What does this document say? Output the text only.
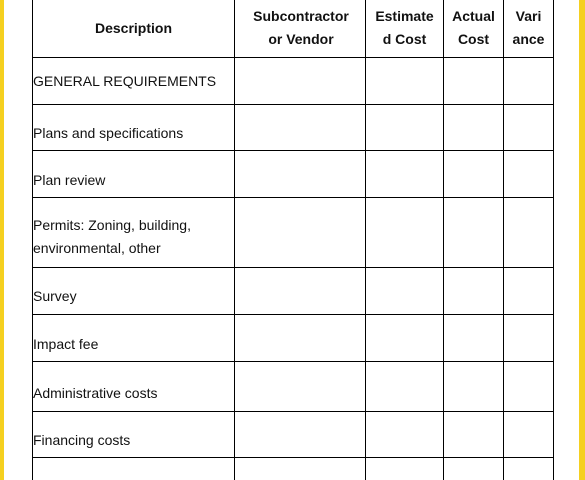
Description	Subcontractor or Vendor	Estimated Cost	Actual Cost	Variance

GENERAL REQUIREMENTS				

Plans and specifications				

Plan review				

Permits: Zoning, building, environmental, other				

Survey				

Impact fee				

Administrative costs				

Financing costs				
